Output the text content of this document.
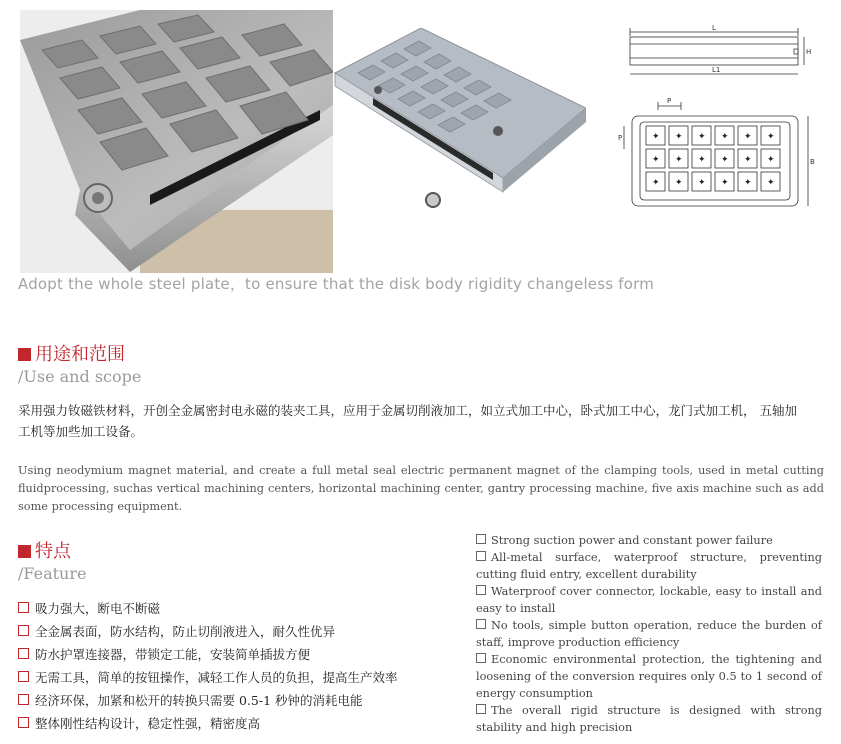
L
H
L1
P
P
B
✦ ✦ ✦ ✦ ✦ ✦
✦ ✦ ✦ ✦ ✦ ✦
✦ ✦ ✦ ✦ ✦ ✦
Adopt the whole steel plate，to ensure that the disk body rigidity changeless form
用途和范围
/Use and scope
采用强力钕磁铁材料，开创全金属密封电永磁的装夹工具，应用于金属切削液加工，如立式加工中心，卧式加工中心，龙门式加工机， 五轴加
工机等加些加工设备。
Using neodymium magnet material, and create a full metal seal electric permanent magnet of the clamping tools, used in metal cutting fluidprocessing, suchas vertical machining centers, horizontal machining center, gantry processing machine, five axis machine such as add some processing equipment.
特点
/Feature
吸力强大，断电不断磁
全金属表面，防水结构，防止切削液进入，耐久性优异
防水护罩连接器，带锁定工能，安装简单插拔方便
无需工具，简单的按钮操作，减轻工作人员的负担，提高生产效率
经济环保，加紧和松开的转换只需要 0.5-1 秒钟的消耗电能
整体刚性结构设计，稳定性强，精密度高
Strong suction power and constant power failure
All-metal surface, waterproof structure, preventing cutting fluid entry, excellent durability
Waterproof cover connector, lockable, easy to install and easy to install
No tools, simple button operation, reduce the burden of staff, improve production efficiency
Economic environmental protection, the tightening and loosening of the conversion requires only 0.5 to 1 second of energy consumption
The overall rigid structure is designed with strong stability and high precision
